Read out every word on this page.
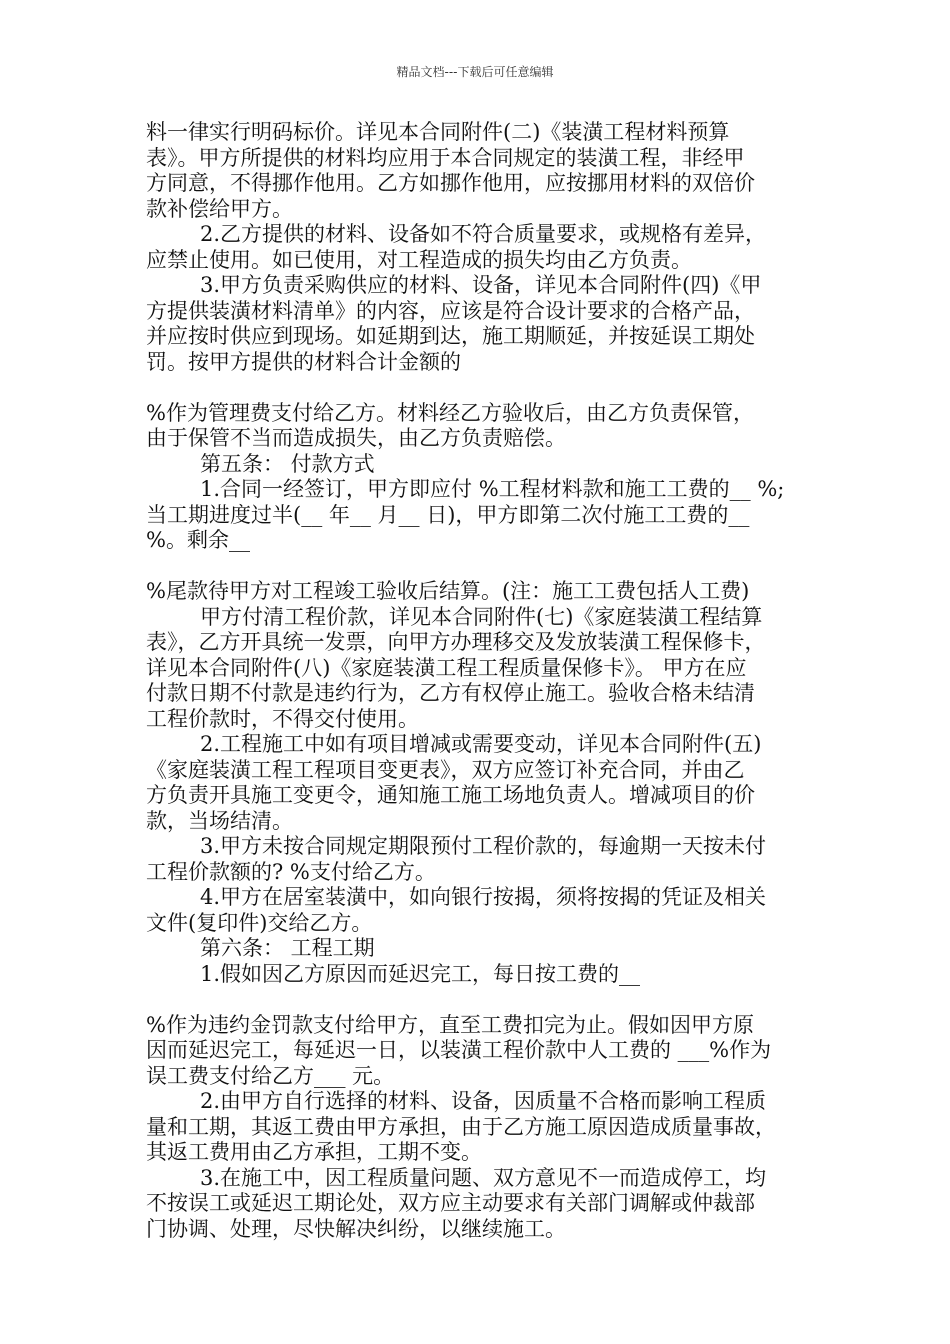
精品文档---下载后可任意编辑
料一律实行明码标价。详见本合同附件(二)《装潢工程材料预算
表》。甲方所提供的材料均应用于本合同规定的装潢工程，非经甲
方同意，不得挪作他用。乙方如挪作他用，应按挪用材料的双倍价
款补偿给甲方。
2.乙方提供的材料、设备如不符合质量要求，或规格有差异，
应禁止使用。如已使用，对工程造成的损失均由乙方负责。
3.甲方负责采购供应的材料、设备，详见本合同附件(四)《甲
方提供装潢材料清单》的内容，应该是符合设计要求的合格产品，
并应按时供应到现场。如延期到达，施工期顺延，并按延误工期处
罚。按甲方提供的材料合计金额的
%作为管理费支付给乙方。材料经乙方验收后，由乙方负责保管，
由于保管不当而造成损失，由乙方负责赔偿。
第五条： 付款方式
1.合同一经签订，甲方即应付 %工程材料款和施工工费的__ %;
当工期进度过半(__ 年__ 月__ 日)，甲方即第二次付施工工费的__
%。剩余__
%尾款待甲方对工程竣工验收后结算。(注：施工工费包括人工费)
甲方付清工程价款，详见本合同附件(七)《家庭装潢工程结算
表》，乙方开具统一发票，向甲方办理移交及发放装潢工程保修卡，
详见本合同附件(八)《家庭装潢工程工程质量保修卡》。 甲方在应
付款日期不付款是违约行为，乙方有权停止施工。验收合格未结清
工程价款时，不得交付使用。
2.工程施工中如有项目增减或需要变动，详见本合同附件(五)
《家庭装潢工程工程项目变更表》，双方应签订补充合同，并由乙
方负责开具施工变更令，通知施工施工场地负责人。增减项目的价
款，当场结清。
3.甲方未按合同规定期限预付工程价款的，每逾期一天按未付
工程价款额的? %支付给乙方。
4.甲方在居室装潢中，如向银行按揭，须将按揭的凭证及相关
文件(复印件)交给乙方。
第六条： 工程工期
1.假如因乙方原因而延迟完工，每日按工费的__
%作为违约金罚款支付给甲方，直至工费扣完为止。假如因甲方原
因而延迟完工，每延迟一日，以装潢工程价款中人工费的 ___%作为
误工费支付给乙方___ 元。
2.由甲方自行选择的材料、设备，因质量不合格而影响工程质
量和工期，其返工费由甲方承担，由于乙方施工原因造成质量事故，
其返工费用由乙方承担，工期不变。
3.在施工中，因工程质量问题、双方意见不一而造成停工，均
不按误工或延迟工期论处，双方应主动要求有关部门调解或仲裁部
门协调、处理，尽快解决纠纷，以继续施工。
